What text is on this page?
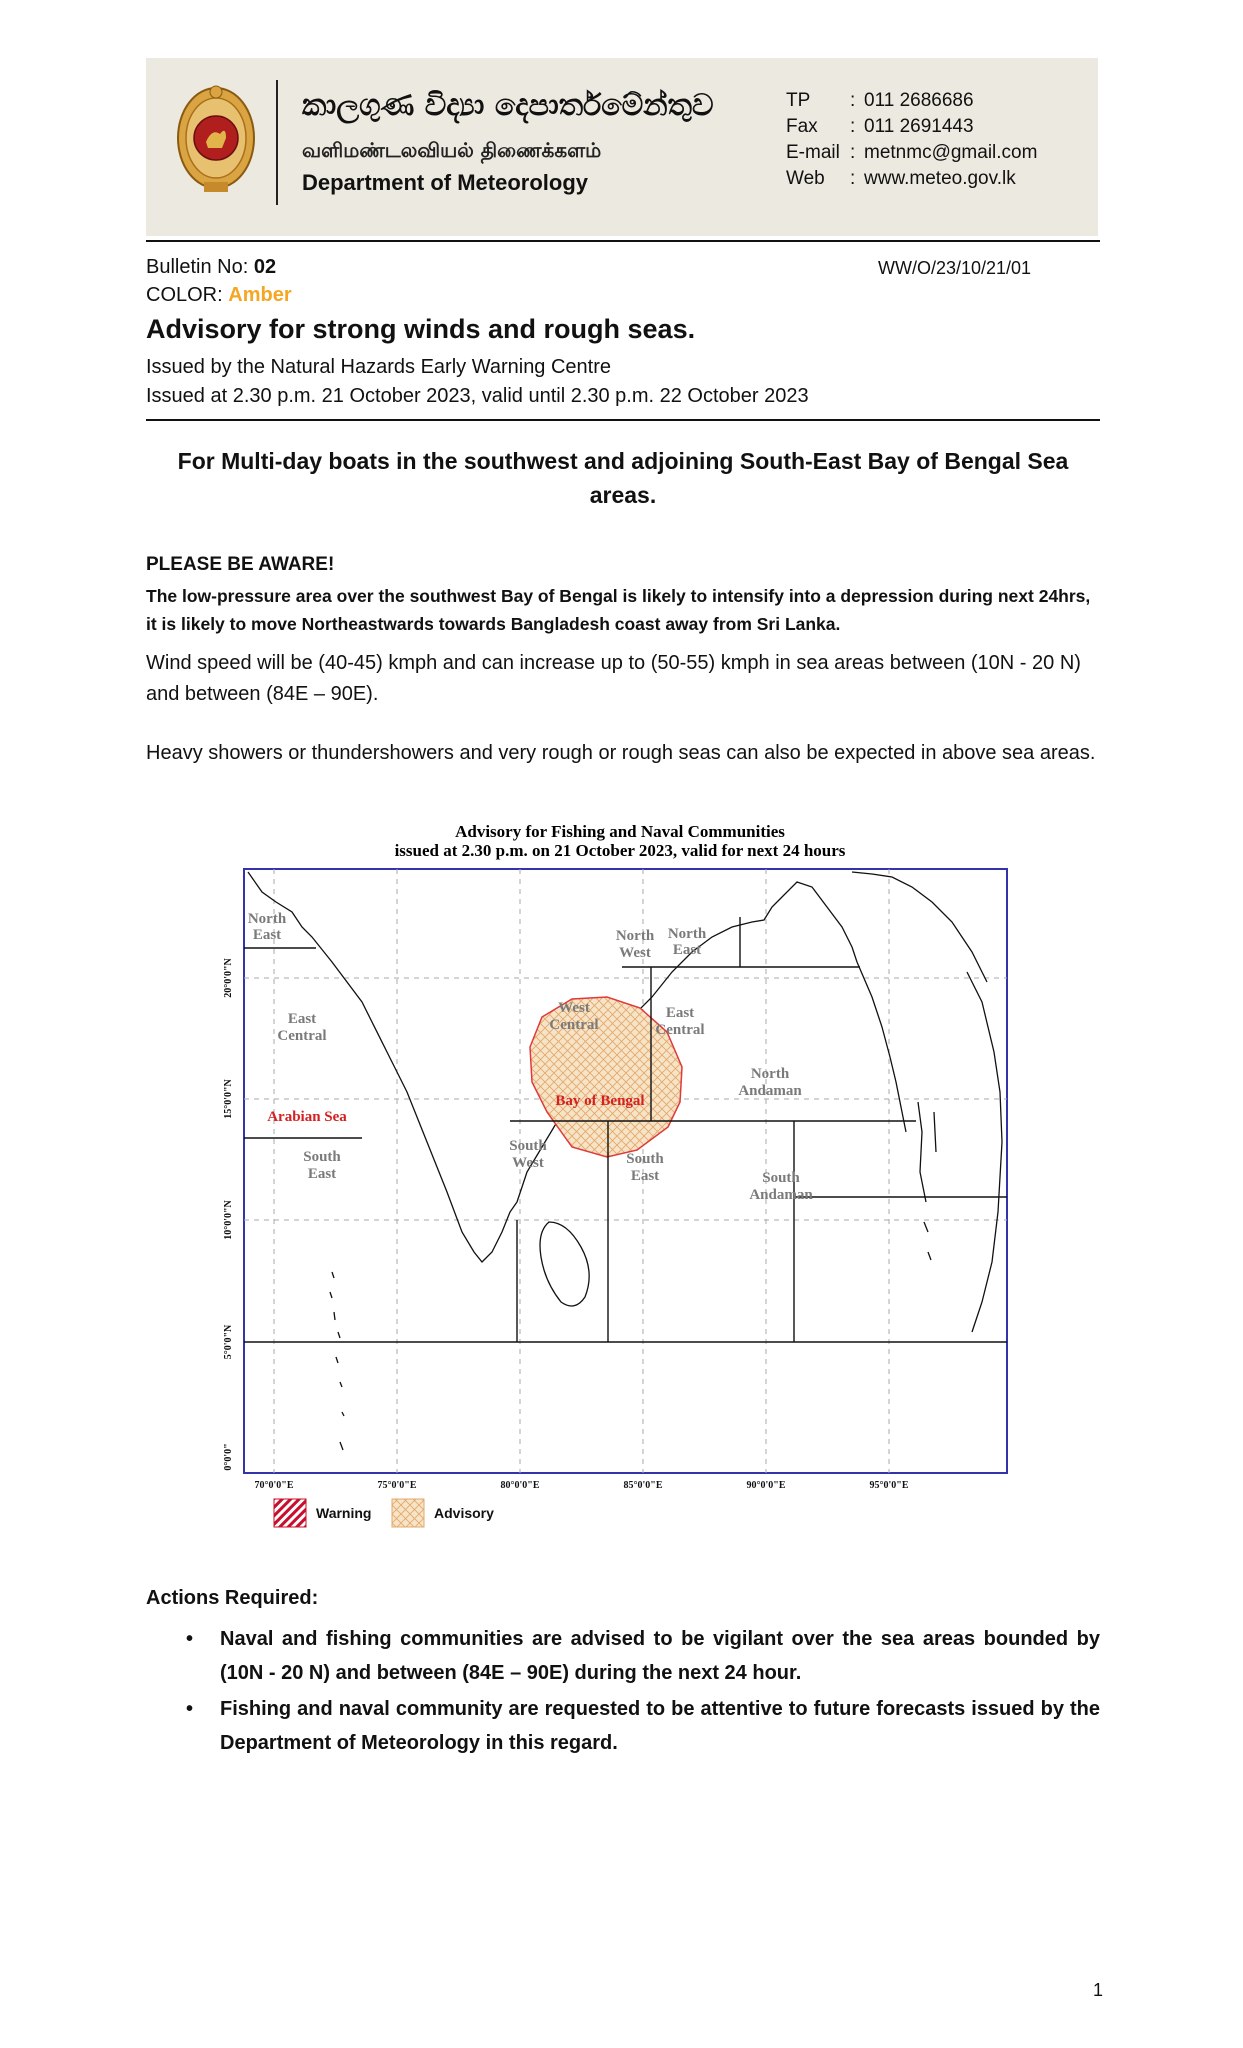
කාලගුණ විද්‍යා දෙපාර්තමේන්තුව
வளிமண்டலவியல் திணைக்களம்
Department of Meteorology
TP : 011 2686686
Fax : 011 2691443
E-mail : metnmc@gmail.com
Web : www.meteo.gov.lk
Bulletin No: 02	WW/O/23/10/21/01
COLOR: Amber
Advisory for strong winds and rough seas.
Issued by the Natural Hazards Early Warning Centre
Issued at 2.30 p.m. 21 October 2023, valid until 2.30 p.m. 22 October 2023
For Multi-day boats in the southwest and adjoining South-East Bay of Bengal Sea areas.
PLEASE BE AWARE!
The low-pressure area over the southwest Bay of Bengal is likely to intensify into a depression during next 24hrs, it is likely to move Northeastwards towards Bangladesh coast away from Sri Lanka.
Wind speed will be (40-45) kmph and can increase up to (50-55) kmph in sea areas between (10N - 20 N) and between (84E – 90E).
Heavy showers or thundershowers and very rough or rough seas can also be expected in above sea areas.
Advisory for Fishing and Naval Communities
issued at 2.30 p.m. on 21 October 2023, valid for next 24 hours
North
East
East
Central
Arabian Sea
South
East
North
West
North
East
West
Central
East
Central
Bay of Bengal
North
Andaman
South
West	South
East	South
Andaman
70°0'0"E	75°0'0"E	80°0'0"E	85°0'0"E	90°0'0"E	95°0'0"E
20°0'0"N
15°0'0"N
10°0'0"N
5°0'0"N
0°0'0"
Warning	Advisory
Actions Required:
• Naval and fishing communities are advised to be vigilant over the sea areas bounded by (10N - 20 N) and between (84E – 90E) during the next 24 hour.
• Fishing and naval community are requested to be attentive to future forecasts issued by the Department of Meteorology in this regard.
1
